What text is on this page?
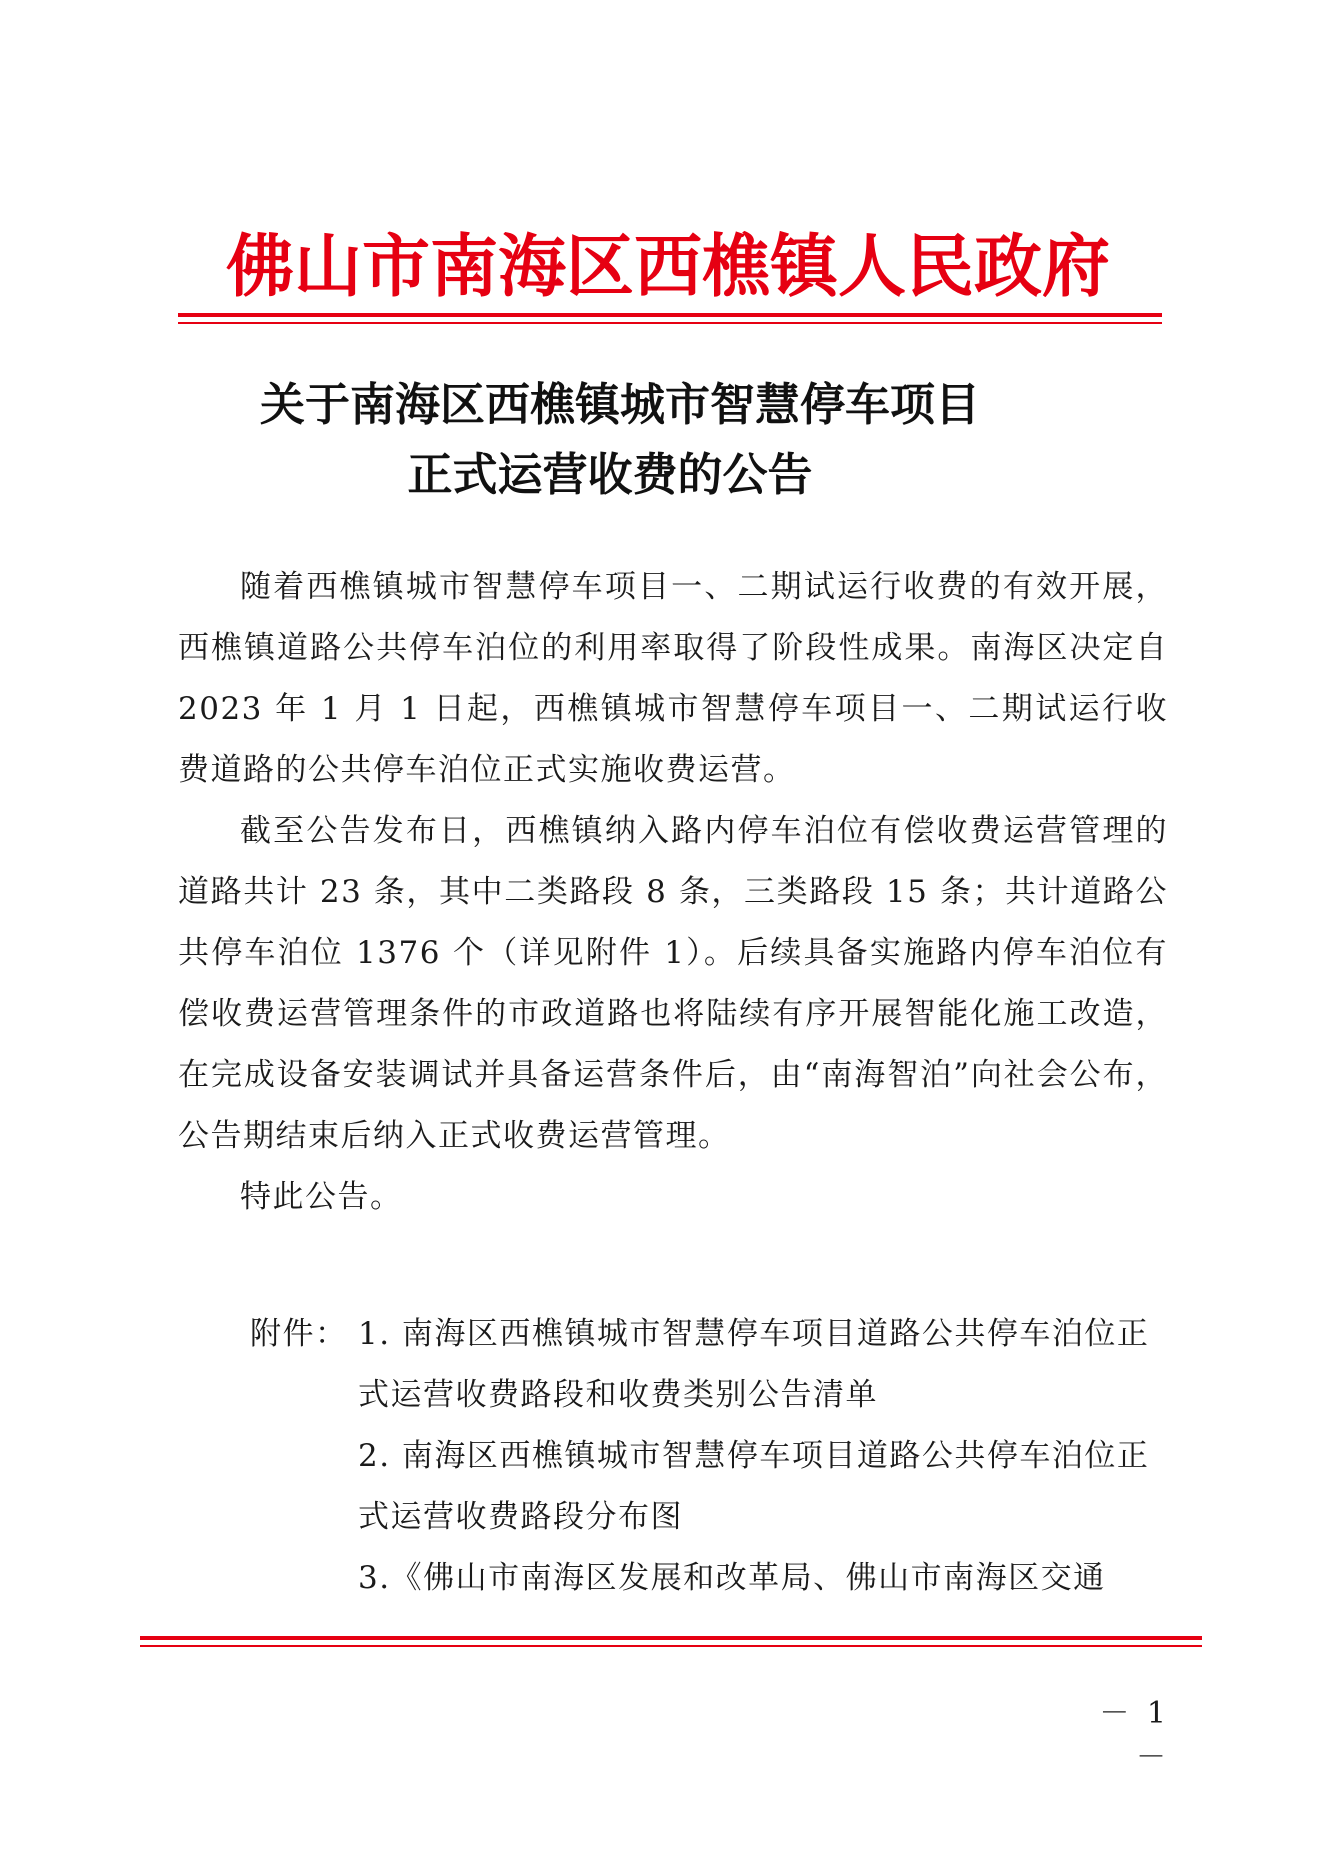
佛山市南海区西樵镇人民政府
关于南海区西樵镇城市智慧停车项目
正式运营收费的公告

随着西樵镇城市智慧停车项目一、二期试运行收费的有效开展，西樵镇道路公共停车泊位的利用率取得了阶段性成果。南海区决定自 2023 年 1 月 1 日起，西樵镇城市智慧停车项目一、二期试运行收费道路的公共停车泊位正式实施收费运营。

截至公告发布日，西樵镇纳入路内停车泊位有偿收费运营管理的道路共计 23 条，其中二类路段 8 条，三类路段 15 条；共计道路公共停车泊位 1376 个（详见附件 1）。后续具备实施路内停车泊位有偿收费运营管理条件的市政道路也将陆续有序开展智能化施工改造，在完成设备安装调试并具备运营条件后，由“南海智泊”向社会公布，公告期结束后纳入正式收费运营管理。

特此公告。

附件： 1. 南海区西樵镇城市智慧停车项目道路公共停车泊位正式运营收费路段和收费类别公告清单

2. 南海区西樵镇城市智慧停车项目道路公共停车泊位正式运营收费路段分布图

3.《佛山市南海区发展和改革局、佛山市南海区交通

－ 1 －
